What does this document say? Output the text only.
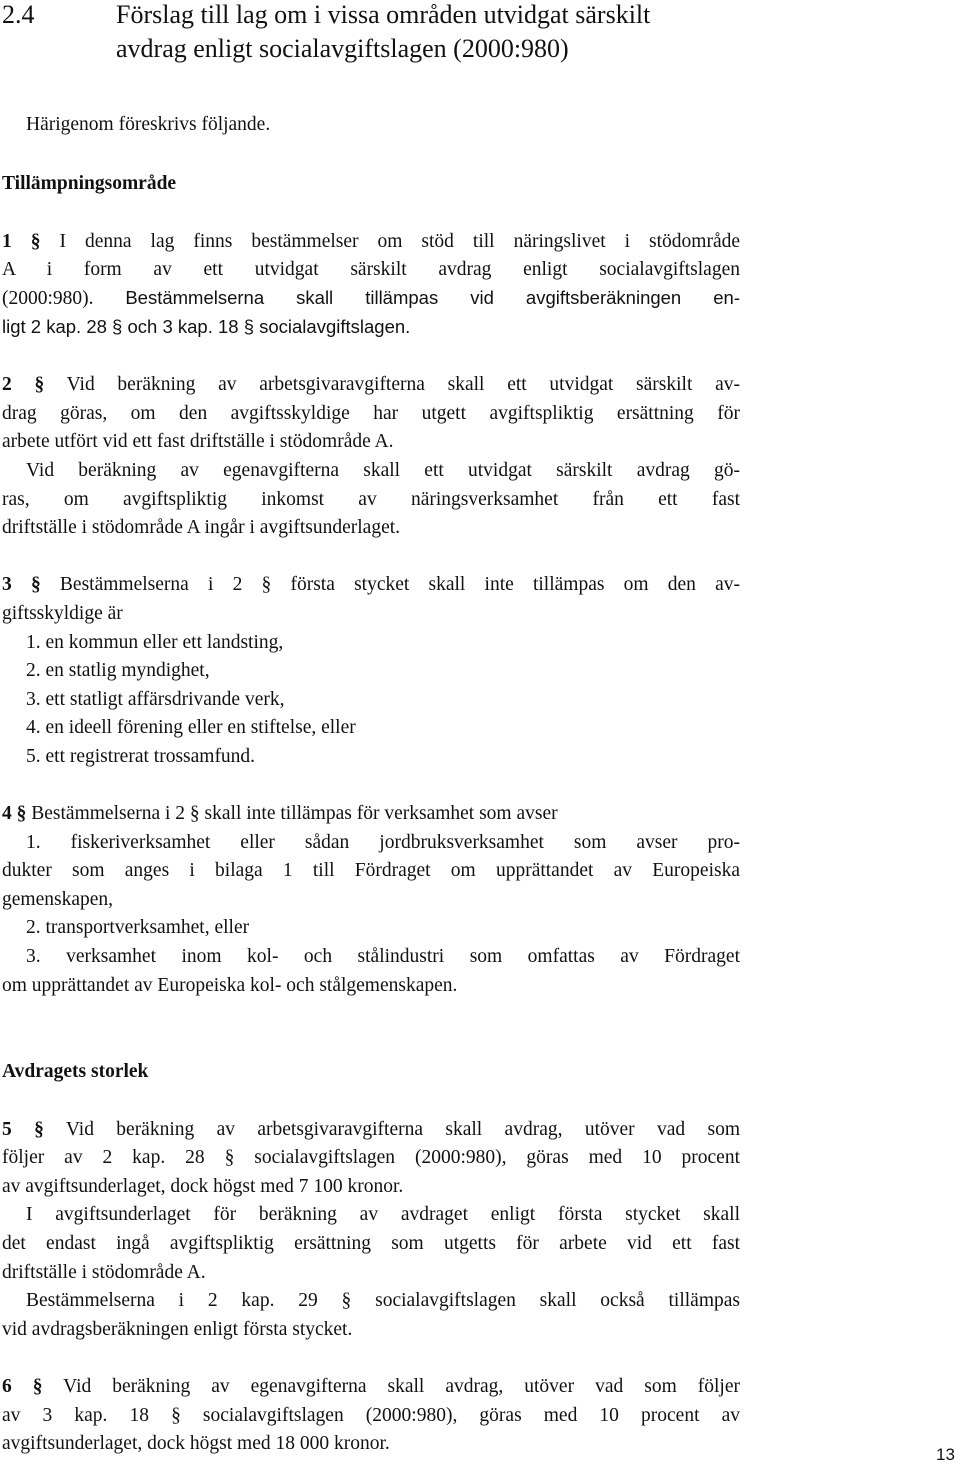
2.4	Förslag till lag om i vissa områden utvidgat särskilt
avdrag enligt socialavgiftslagen (2000:980)
Härigenom föreskrivs följande.
Tillämpningsområde
1 § I denna lag finns bestämmelser om stöd till näringslivet i stödområde
A i form av ett utvidgat särskilt avdrag enligt socialavgiftslagen
(2000:980). Bestämmelserna skall tillämpas vid avgiftsberäkningen en-
ligt 2 kap. 28 § och 3 kap. 18 § socialavgiftslagen.
2 § Vid beräkning av arbetsgivaravgifterna skall ett utvidgat särskilt av-
drag göras, om den avgiftsskyldige har utgett avgiftspliktig ersättning för
arbete utfört vid ett fast driftställe i stödområde A.
Vid beräkning av egenavgifterna skall ett utvidgat särskilt avdrag gö-
ras, om avgiftspliktig inkomst av näringsverksamhet från ett fast
driftställe i stödområde A ingår i avgiftsunderlaget.
3 § Bestämmelserna i 2 § första stycket skall inte tillämpas om den av-
giftsskyldige är
1. en kommun eller ett landsting,
2. en statlig myndighet,
3. ett statligt affärsdrivande verk,
4. en ideell förening eller en stiftelse, eller
5. ett registrerat trossamfund.
4 § Bestämmelserna i 2 § skall inte tillämpas för verksamhet som avser
1. fiskeriverksamhet eller sådan jordbruksverksamhet som avser pro-
dukter som anges i bilaga 1 till Fördraget om upprättandet av Europeiska
gemenskapen,
2. transportverksamhet, eller
3. verksamhet inom kol- och stålindustri som omfattas av Fördraget
om upprättandet av Europeiska kol- och stålgemenskapen.
Avdragets storlek
5 § Vid beräkning av arbetsgivaravgifterna skall avdrag, utöver vad som
följer av 2 kap. 28 § socialavgiftslagen (2000:980), göras med 10 procent
av avgiftsunderlaget, dock högst med 7 100 kronor.
I avgiftsunderlaget för beräkning av avdraget enligt första stycket skall
det endast ingå avgiftspliktig ersättning som utgetts för arbete vid ett fast
driftställe i stödområde A.
Bestämmelserna i 2 kap. 29 § socialavgiftslagen skall också tillämpas
vid avdragsberäkningen enligt första stycket.
6 § Vid beräkning av egenavgifterna skall avdrag, utöver vad som följer
av 3 kap. 18 § socialavgiftslagen (2000:980), göras med 10 procent av
avgiftsunderlaget, dock högst med 18 000 kronor.
13
